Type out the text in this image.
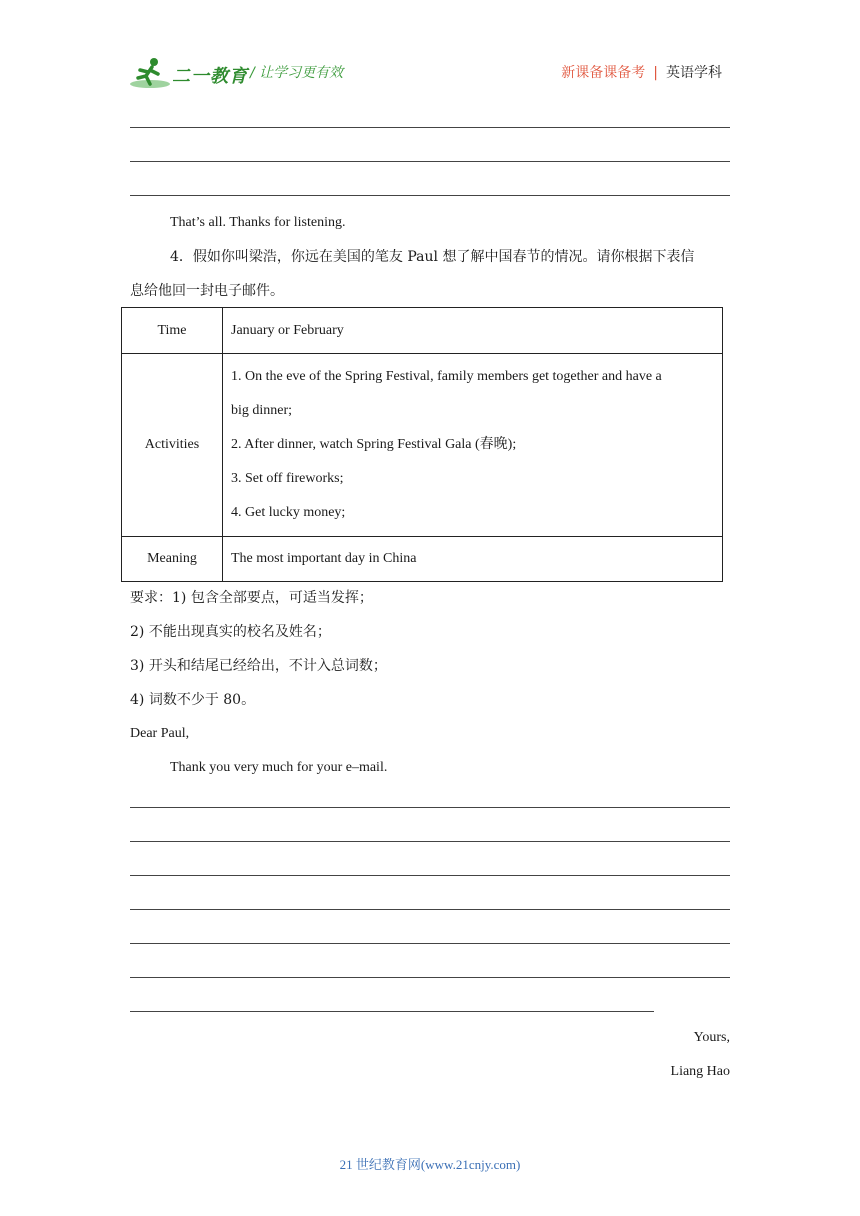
二一教育 / 让学习更有效	新课备课备考 | 英语学科
That’s all. Thanks for listening.
4．假如你叫梁浩，你远在美国的笔友 Paul 想了解中国春节的情况。请你根据下表信
息给他回一封电子邮件。
Time	January or February
Activities	1. On the eve of the Spring Festival, family members get together and have a
big dinner;
2. After dinner, watch Spring Festival Gala (春晚);
3. Set off fireworks;
4. Get lucky money;

Meaning	The most important day in China
要求：1) 包含全部要点，可适当发挥；
2) 不能出现真实的校名及姓名；
3) 开头和结尾已经给出，不计入总词数；
4) 词数不少于 80。
Dear Paul,
Thank you very much for your e–mail.
Yours,
Liang Hao
21 世纪教育网(www.21cnjy.com)
